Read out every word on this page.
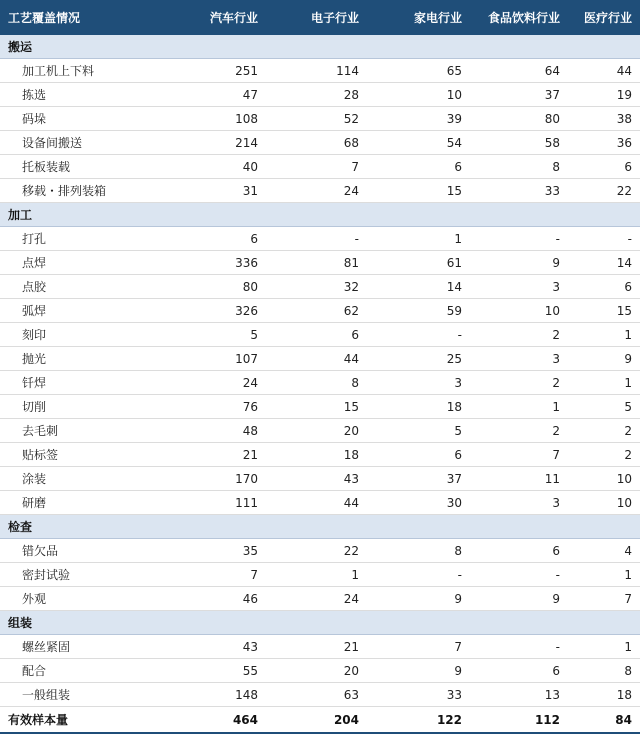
工艺覆盖情况	汽车行业	电子行业	家电行业	食品饮料行业	医疗行业
搬运					
加工机上下料	251	114	65	64	44
拣选	47	28	10	37	19
码垛	108	52	39	80	38
设备间搬送	214	68	54	58	36
托板装载	40	7	6	8	6
移载・排列装箱	31	24	15	33	22
加工					
打孔	6	-	1	-	-
点焊	336	81	61	9	14
点胶	80	32	14	3	6
弧焊	326	62	59	10	15
刻印	5	6	-	2	1
抛光	107	44	25	3	9
钎焊	24	8	3	2	1
切削	76	15	18	1	5
去毛刺	48	20	5	2	2
贴标签	21	18	6	7	2
涂装	170	43	37	11	10
研磨	111	44	30	3	10
检查					
错欠品	35	22	8	6	4
密封试验	7	1	-	-	1
外观	46	24	9	9	7
组装					
螺丝紧固	43	21	7	-	1
配合	55	20	9	6	8
一般组装	148	63	33	13	18
有效样本量	464	204	122	112	84
